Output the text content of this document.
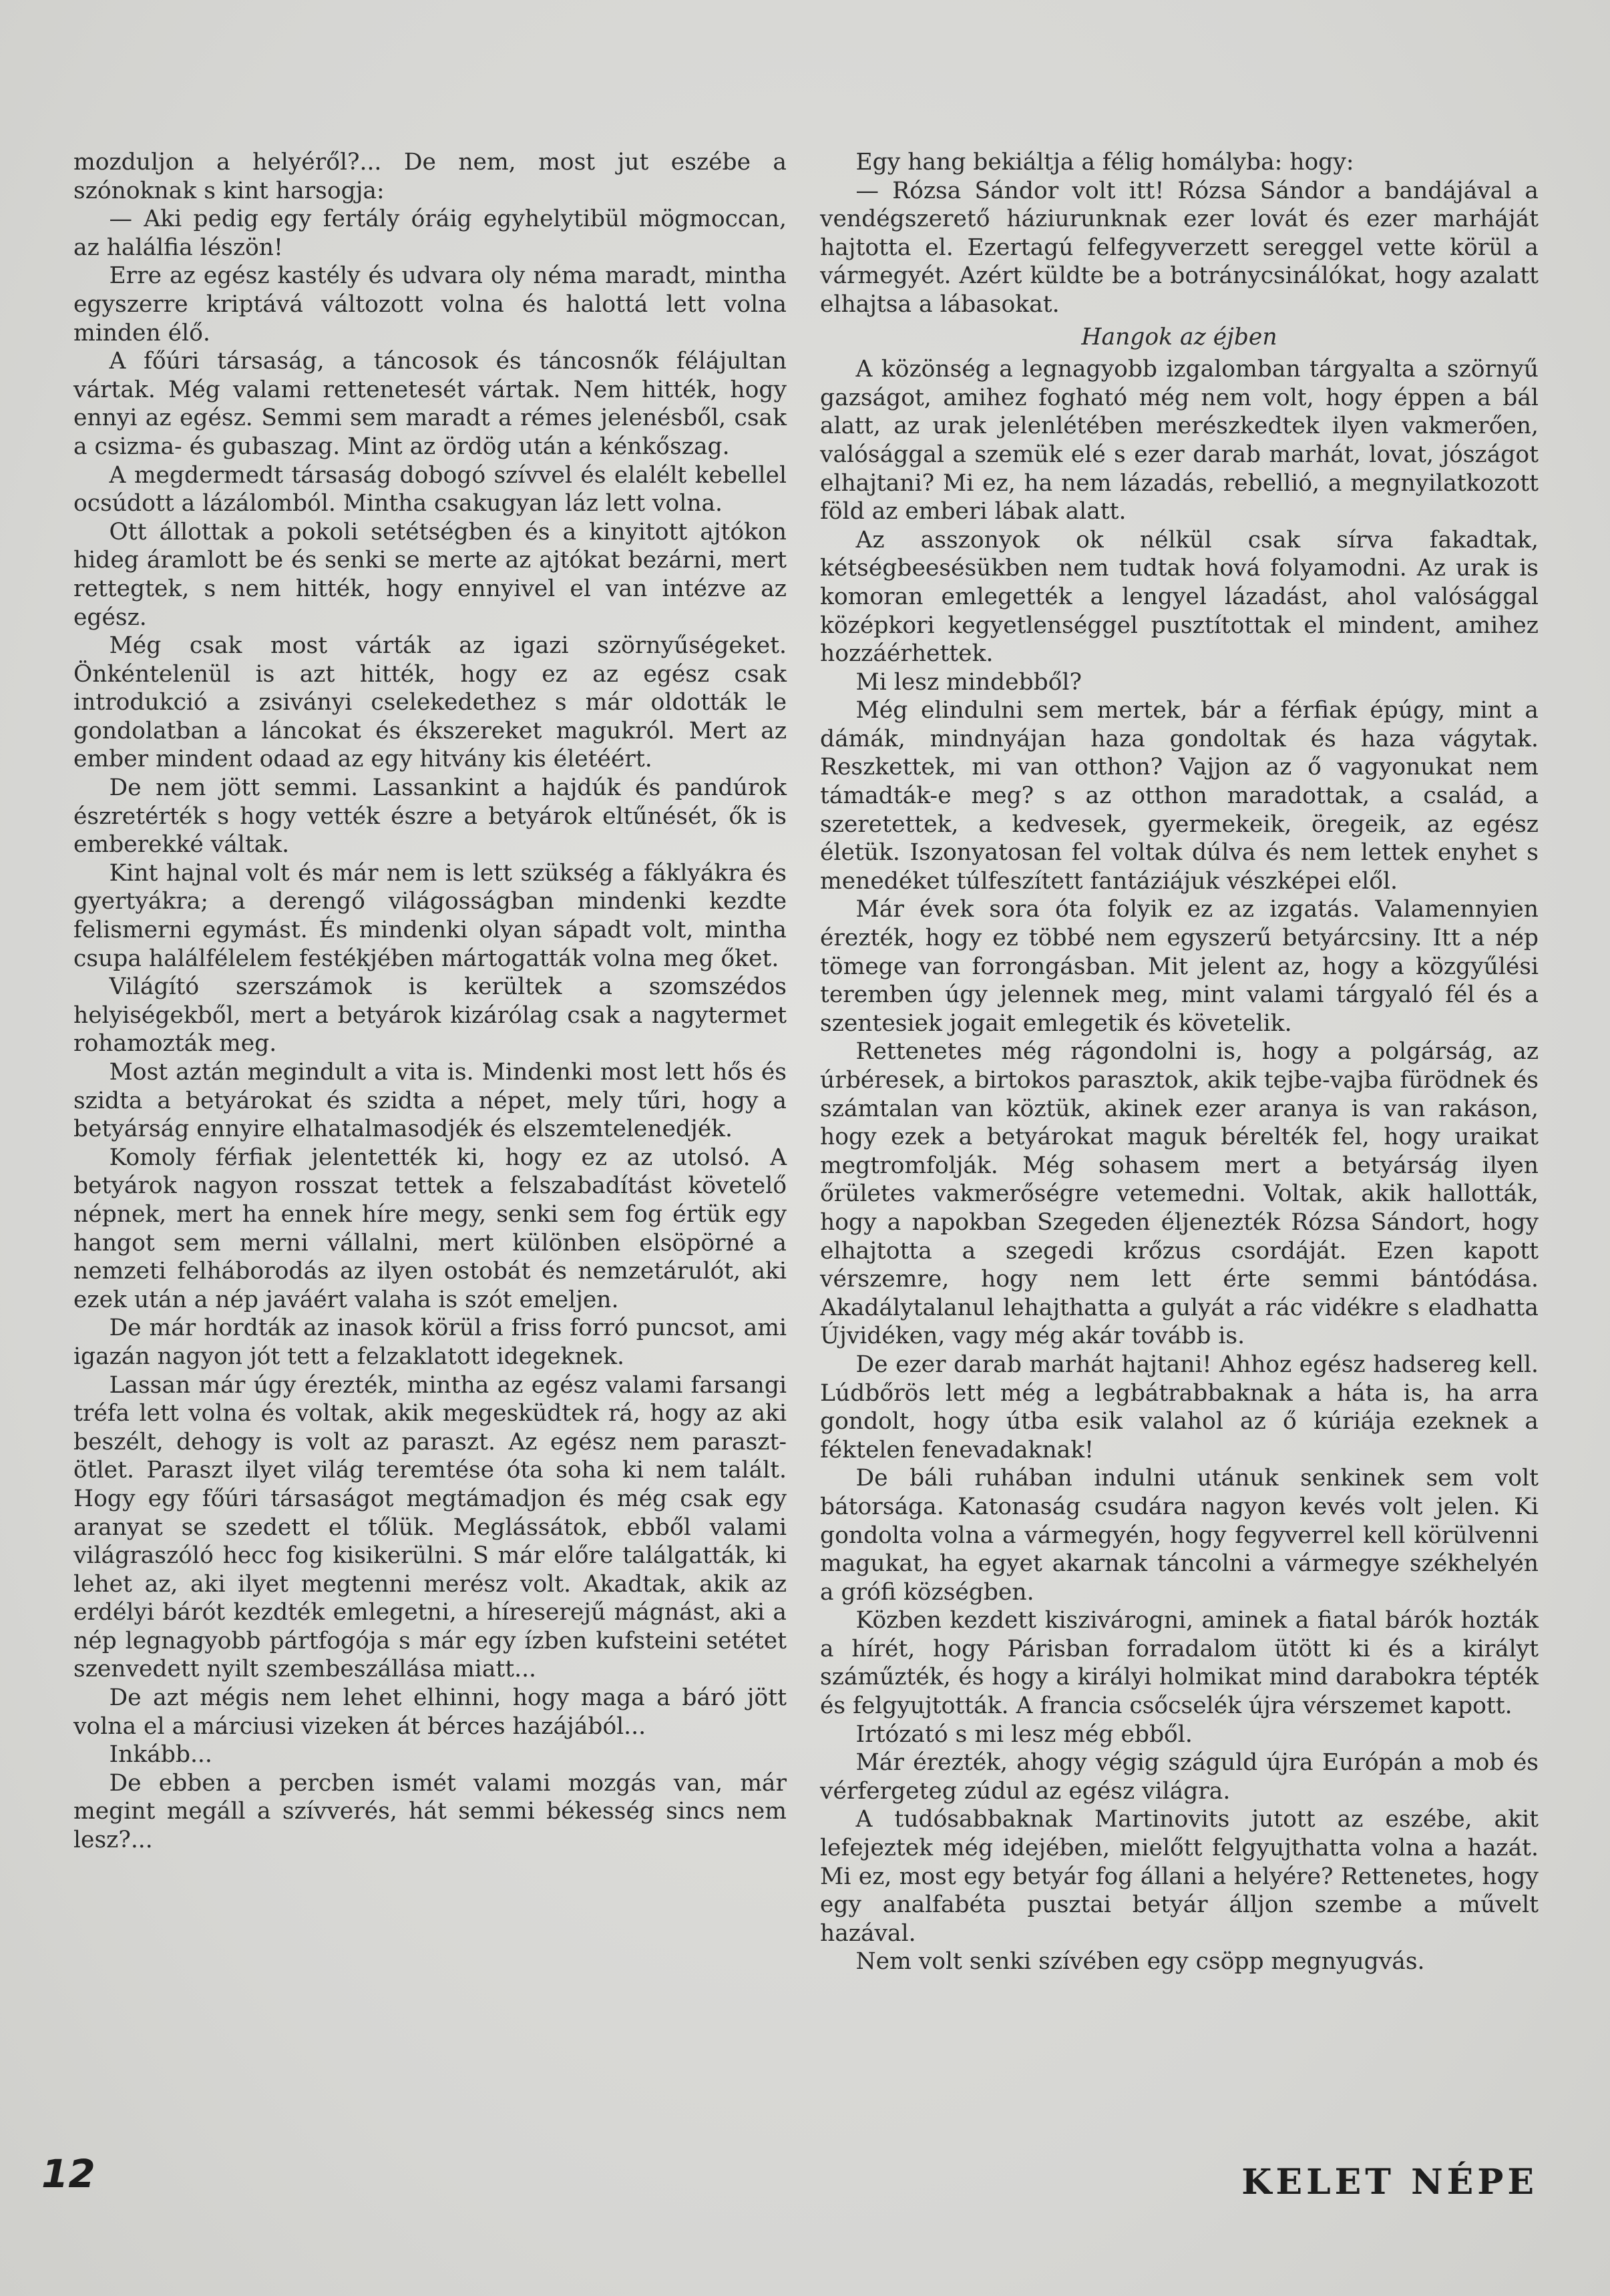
mozduljon a helyéről?... De nem, most jut eszébe a szónoknak s kint harsogja:

— Aki pedig egy fertály óráig egyhelytibül mögmoccan, az halálfia lészön!

Erre az egész kastély és udvara oly néma maradt, mintha egyszerre kriptává változott volna és halottá lett volna minden élő.

A főúri társaság, a táncosok és táncosnők félájultan vártak. Még valami rettenetesét vártak. Nem hitték, hogy ennyi az egész. Semmi sem maradt a rémes jelenésből, csak a csizma- és gubaszag. Mint az ördög után a kénkőszag.

A megdermedt társaság dobogó szívvel és elalélt kebellel ocsúdott a lázálomból. Mintha csakugyan láz lett volna.

Ott állottak a pokoli setétségben és a kinyitott ajtókon hideg áramlott be és senki se merte az ajtókat bezárni, mert rettegtek, s nem hitték, hogy ennyivel el van intézve az egész.

Még csak most várták az igazi szörnyűségeket. Önkéntelenül is azt hitték, hogy ez az egész csak introdukció a zsiványi cselekedethez s már oldották le gondolatban a láncokat és ékszereket magukról. Mert az ember mindent odaad az egy hitvány kis életéért.

De nem jött semmi. Lassankint a hajdúk és pandúrok észretérték s hogy vették észre a betyárok eltűnését, ők is emberekké váltak.

Kint hajnal volt és már nem is lett szükség a fáklyákra és gyertyákra; a derengő világosságban mindenki kezdte felismerni egymást. És mindenki olyan sápadt volt, mintha csupa halálfélelem festékjében mártogatták volna meg őket.

Világító szerszámok is kerültek a szomszédos helyiségekből, mert a betyárok kizárólag csak a nagytermet rohamozták meg.

Most aztán megindult a vita is. Mindenki most lett hős és szidta a betyárokat és szidta a népet, mely tűri, hogy a betyárság ennyire elhatalmasodjék és elszemtelenedjék.

Komoly férfiak jelentették ki, hogy ez az utolsó. A betyárok nagyon rosszat tettek a felszabadítást követelő népnek, mert ha ennek híre megy, senki sem fog értük egy hangot sem merni vállalni, mert különben elsöpörné a nemzeti felháborodás az ilyen ostobát és nemzetárulót, aki ezek után a nép javáért valaha is szót emeljen.

De már hordták az inasok körül a friss forró puncsot, ami igazán nagyon jót tett a felzaklatott idegeknek.

Lassan már úgy érezték, mintha az egész valami farsangi tréfa lett volna és voltak, akik megesküdtek rá, hogy az aki beszélt, dehogy is volt az paraszt. Az egész nem paraszt-ötlet. Paraszt ilyet világ teremtése óta soha ki nem talált. Hogy egy főúri társaságot megtámadjon és még csak egy aranyat se szedett el tőlük. Meglássátok, ebből valami világraszóló hecc fog kisikerülni. S már előre találgatták, ki lehet az, aki ilyet megtenni merész volt. Akadtak, akik az erdélyi bárót kezdték emlegetni, a híreserejű mágnást, aki a nép legnagyobb pártfogója s már egy ízben kufsteini setétet szenvedett nyilt szembeszállása miatt...

De azt mégis nem lehet elhinni, hogy maga a báró jött volna el a márciusi vizeken át bérces hazájából...

Inkább...

De ebben a percben ismét valami mozgás van, már megint megáll a szívverés, hát semmi békesség sincs nem lesz?...

Egy hang bekiáltja a félig homályba: hogy:

— Rózsa Sándor volt itt! Rózsa Sándor a bandájával a vendégszerető háziurunknak ezer lovát és ezer marháját hajtotta el. Ezertagú felfegyverzett sereggel vette körül a vármegyét. Azért küldte be a botránycsinálókat, hogy azalatt elhajtsa a lábasokat.

Hangok az éjben

A közönség a legnagyobb izgalomban tárgyalta a szörnyű gazságot, amihez fogható még nem volt, hogy éppen a bál alatt, az urak jelenlétében merészkedtek ilyen vakmerően, valósággal a szemük elé s ezer darab marhát, lovat, jószágot elhajtani? Mi ez, ha nem lázadás, rebellió, a megnyilatkozott föld az emberi lábak alatt.

Az asszonyok ok nélkül csak sírva fakadtak, kétségbeesésükben nem tudtak hová folyamodni. Az urak is komoran emlegették a lengyel lázadást, ahol valósággal középkori kegyetlenséggel pusztítottak el mindent, amihez hozzáérhettek.

Mi lesz mindebből?

Még elindulni sem mertek, bár a férfiak épúgy, mint a dámák, mindnyájan haza gondoltak és haza vágytak. Reszkettek, mi van otthon? Vajjon az ő vagyonukat nem támadták-e meg? s az otthon maradottak, a család, a szeretettek, a kedvesek, gyermekeik, öregeik, az egész életük. Iszonyatosan fel voltak dúlva és nem lettek enyhet s menedéket túlfeszített fantáziájuk vészképei elől.

Már évek sora óta folyik ez az izgatás. Valamennyien érezték, hogy ez többé nem egyszerű betyárcsiny. Itt a nép tömege van forrongásban. Mit jelent az, hogy a közgyűlési teremben úgy jelennek meg, mint valami tárgyaló fél és a szentesiek jogait emlegetik és követelik.

Rettenetes még rágondolni is, hogy a polgárság, az úrbéresek, a birtokos parasztok, akik tejbe-vajba fürödnek és számtalan van köztük, akinek ezer aranya is van rakáson, hogy ezek a betyárokat maguk bérelték fel, hogy uraikat megtromfolják. Még sohasem mert a betyárság ilyen őrületes vakmerőségre vetemedni. Voltak, akik hallották, hogy a napokban Szegeden éljenezték Rózsa Sándort, hogy elhajtotta a szegedi krőzus csordáját. Ezen kapott vérszemre, hogy nem lett érte semmi bántódása. Akadálytalanul lehajthatta a gulyát a rác vidékre s eladhatta Újvidéken, vagy még akár tovább is.

De ezer darab marhát hajtani! Ahhoz egész hadsereg kell. Lúdbőrös lett még a legbátrabbaknak a háta is, ha arra gondolt, hogy útba esik valahol az ő kúriája ezeknek a féktelen fenevadaknak!

De báli ruhában indulni utánuk senkinek sem volt bátorsága. Katonaság csudára nagyon kevés volt jelen. Ki gondolta volna a vármegyén, hogy fegyverrel kell körülvenni magukat, ha egyet akarnak táncolni a vármegye székhelyén a grófi községben.

Közben kezdett kiszivárogni, aminek a fiatal bárók hozták a hírét, hogy Párisban forradalom ütött ki és a királyt száműzték, és hogy a királyi holmikat mind darabokra tépték és felgyujtották. A francia csőcselék újra vérszemet kapott.

Irtózató s mi lesz még ebből.

Már érezték, ahogy végig száguld újra Európán a mob és vérfergeteg zúdul az egész világra.

A tudósabbaknak Martinovits jutott az eszébe, akit lefejeztek még idejében, mielőtt felgyujthatta volna a hazát. Mi ez, most egy betyár fog állani a helyére? Rettenetes, hogy egy analfabéta pusztai betyár álljon szembe a művelt hazával.

Nem volt senki szívében egy csöpp megnyugvás.

12	KELET NÉPE
